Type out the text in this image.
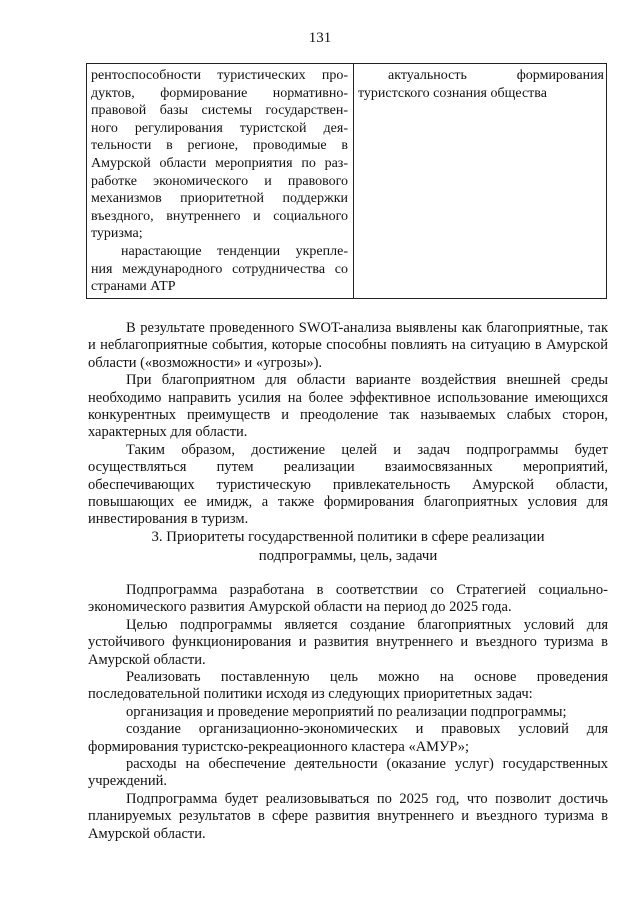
131

рентоспособности туристических про-

дуктов, формирование нормативно-

правовой базы системы государствен-

ного регулирования туристской дея-

тельности в регионе, проводимые в

Амурской области мероприятия по раз-

работке экономического и правового

механизмов приоритетной поддержки

въездного, внутреннего и социального

туризма;

нарастающие тенденции укрепле-

ния международного сотрудничества со

странами АТР

актуальность формирования

туристского сознания общества

В результате проведенного SWOT-анализа выявлены как благоприятные, так и неблагоприятные события, которые способны повлиять на ситуацию в Амурской области («возможности» и «угрозы»).

При благоприятном для области варианте воздействия внешней среды необходимо направить усилия на более эффективное использование имеющихся конкурентных преимуществ и преодоление так называемых слабых сторон, характерных для области.

Таким образом, достижение целей и задач подпрограммы будет осуществляться путем реализации взаимосвязанных мероприятий, обеспечивающих туристическую привлекательность Амурской области, повышающих ее имидж, а также формирования благоприятных условия для инвестирования в туризм.

3. Приоритеты государственной политики в сфере реализации
подпрограммы, цель, задачи

Подпрограмма разработана в соответствии со Стратегией социально-экономического развития Амурской области на период до 2025 года.

Целью подпрограммы является создание благоприятных условий для устойчивого функционирования и развития внутреннего и въездного туризма в Амурской области.

Реализовать поставленную цель можно на основе проведения последовательной политики исходя из следующих приоритетных задач:

организация и проведение мероприятий по реализации подпрограммы;

создание организационно-экономических и правовых условий для формирования туристско-рекреационного кластера «АМУР»;

расходы на обеспечение деятельности (оказание услуг) государственных учреждений.

Подпрограмма будет реализовываться по 2025 год, что позволит достичь планируемых результатов в сфере развития внутреннего и въездного туризма в Амурской области.
